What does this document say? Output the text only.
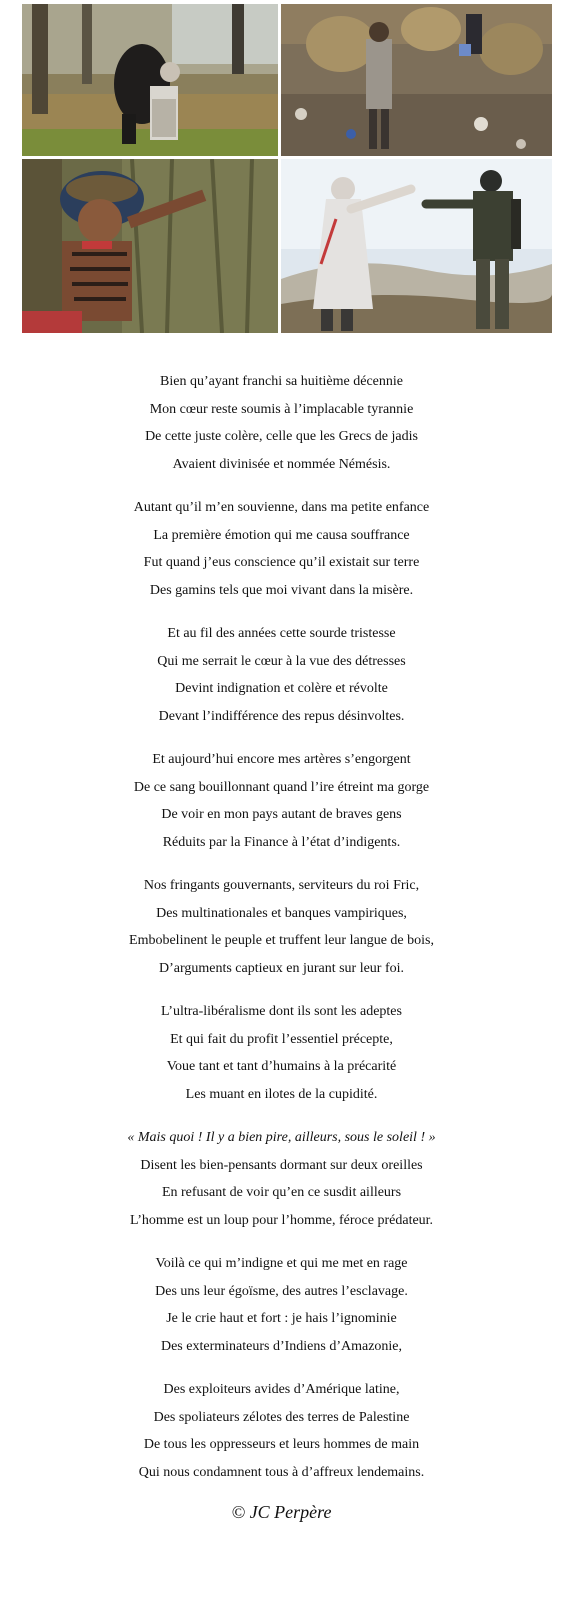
Bien qu’ayant franchi sa huitième décennie
Mon cœur reste soumis à l’implacable tyrannie
De cette juste colère, celle que les Grecs de jadis
Avaient divinisée et nommée Némésis.
Autant qu’il m’en souvienne, dans ma petite enfance
La première émotion qui me causa souffrance
Fut quand j’eus conscience qu’il existait sur terre
Des gamins tels que moi vivant dans la misère.
Et au fil des années cette sourde tristesse
Qui me serrait le cœur à la vue des détresses
Devint indignation et colère et révolte
Devant l’indifférence des repus désinvoltes.
Et aujourd’hui encore mes artères s’engorgent
De ce sang bouillonnant quand l’ire étreint ma gorge
De voir en mon pays autant de braves gens
Réduits par la Finance à l’état d’indigents.
Nos fringants gouvernants, serviteurs du roi Fric,
Des multinationales et banques vampiriques,
Embobelinent le peuple et truffent leur langue de bois,
D’arguments captieux en jurant sur leur foi.
L’ultra-libéralisme dont ils sont les adeptes
Et qui fait du profit l’essentiel précepte,
Voue tant et tant d’humains à la précarité
Les muant en ilotes de la cupidité.
« Mais quoi ! Il y a bien pire, ailleurs, sous le soleil ! »
Disent les bien-pensants dormant sur deux oreilles
En refusant de voir qu’en ce susdit ailleurs
L’homme est un loup pour l’homme, féroce prédateur.
Voilà ce qui m’indigne et qui me met en rage
Des uns leur égoïsme, des autres l’esclavage.
Je le crie haut et fort : je hais l’ignominie
Des exterminateurs d’Indiens d’Amazonie,
Des exploiteurs avides d’Amérique latine,
Des spoliateurs zélotes des terres de Palestine
De tous les oppresseurs et leurs hommes de main
Qui nous condamnent tous à d’affreux lendemains.
© JC Perpère
